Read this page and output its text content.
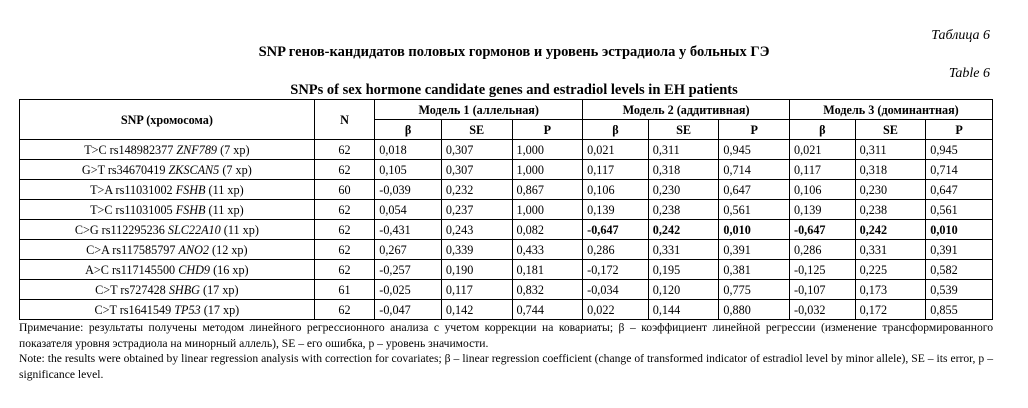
Таблица 6
SNP генов-кандидатов половых гормонов и уровень эстрадиола у больных ГЭ
Table 6
SNPs of sex hormone candidate genes and estradiol levels in EH patients
SNP (хромосома)	N	Модель 1 (аллельная)			Модель 2 (аддитивная)			Модель 3 (доминантная)		
		β	SE	P	β	SE	P	β	SE	P
T>C rs148982377 ZNF789 (7 хр)	62	0,018	0,307	1,000	0,021	0,311	0,945	0,021	0,311	0,945
G>T rs34670419 ZKSCAN5 (7 хр)	62	0,105	0,307	1,000	0,117	0,318	0,714	0,117	0,318	0,714
T>A rs11031002 FSHB (11 хр)	60	-0,039	0,232	0,867	0,106	0,230	0,647	0,106	0,230	0,647
T>C rs11031005 FSHB (11 хр)	62	0,054	0,237	1,000	0,139	0,238	0,561	0,139	0,238	0,561
C>G rs112295236 SLC22A10 (11 хр)	62	-0,431	0,243	0,082	-0,647	0,242	0,010	-0,647	0,242	0,010
C>A rs117585797 ANO2 (12 хр)	62	0,267	0,339	0,433	0,286	0,331	0,391	0,286	0,331	0,391
A>C rs117145500 CHD9 (16 хр)	62	-0,257	0,190	0,181	-0,172	0,195	0,381	-0,125	0,225	0,582
C>T rs727428 SHBG (17 хр)	61	-0,025	0,117	0,832	-0,034	0,120	0,775	-0,107	0,173	0,539
C>T rs1641549 TP53 (17 хр)	62	-0,047	0,142	0,744	0,022	0,144	0,880	-0,032	0,172	0,855

Примечание: результаты получены методом линейного регрессионного анализа с учетом коррекции на ковариаты; β – коэффициент линейной регрессии (изменение трансформированного показателя уровня эстрадиола на минорный аллель), SE – его ошибка, p – уровень значимости.

Note: the results were obtained by linear regression analysis with correction for covariates; β – linear regression coefficient (change of transformed indicator of estradiol level by minor allele), SE – its error, p – significance level.
